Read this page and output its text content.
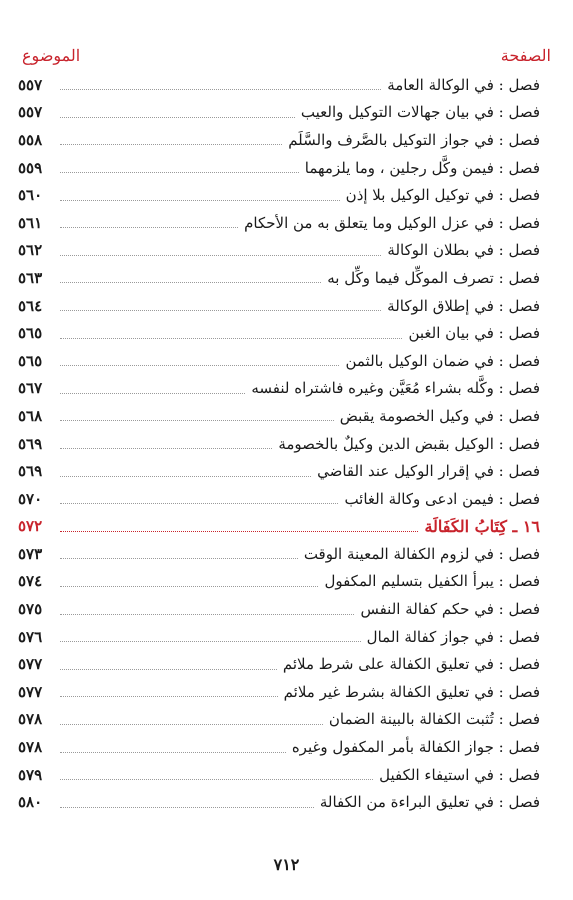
الموضوع	الصفحة
فصل : في الوكالة العامة
٥٥٧
فصل : في بيان جهالات التوكيل والعيب
٥٥٧
فصل : في جواز التوكيل بالصَّرف والسَّلَم
٥٥٨
فصل : فيمن وكَّل رجلين ، وما يلزمهما
٥٥٩
فصل : في توكيل الوكيل بلا إذن
٥٦٠
فصل : في عزل الوكيل وما يتعلق به من الأحكام
٥٦١
فصل : في بطلان الوكالة
٥٦٢
فصل : تصرف الموكِّل فيما وكِّل به
٥٦٣
فصل : في إطلاق الوكالة
٥٦٤
فصل : في بيان الغبن
٥٦٥
فصل : في ضمان الوكيل بالثمن
٥٦٥
فصل : وكَّله بشراء مُعَيَّن وغيره فاشتراه لنفسه
٥٦٧
فصل : في وكيل الخصومة يقبض
٥٦٨
فصل : الوكيل بقبض الدين وكيلٌ بالخصومة
٥٦٩
فصل : في إقرار الوكيل عند القاضي
٥٦٩
فصل : فيمن ادعى وكالة الغائب
٥٧٠
١٦ ـ كِتَابُ الكَفَالَة
٥٧٢
فصل : في لزوم الكفالة المعينة الوقت
٥٧٣
فصل : يبرأ الكفيل بتسليم المكفول
٥٧٤
فصل : في حكم كفالة النفس
٥٧٥
فصل : في جواز كفالة المال
٥٧٦
فصل : في تعليق الكفالة على شرط ملائم
٥٧٧
فصل : في تعليق الكفالة بشرط غير ملائم
٥٧٧
فصل : تُثبت الكفالة بالبينة الضمان
٥٧٨
فصل : جواز الكفالة بأمر المكفول وغيره
٥٧٨
فصل : في استيفاء الكفيل
٥٧٩
فصل : في تعليق البراءة من الكفالة
٥٨٠
٧١٢
